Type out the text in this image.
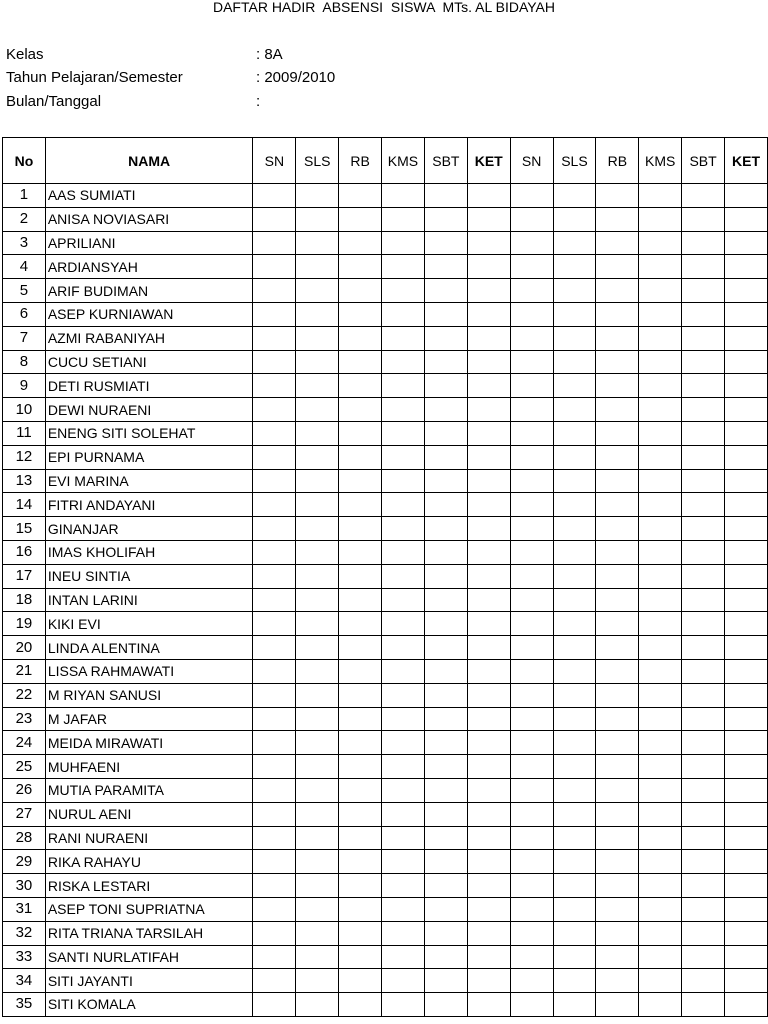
DAFTAR HADIR  ABSENSI  SISWA  MTs. AL BIDAYAH
Kelas	: 8A
Tahun Pelajaran/Semester	: 2009/2010
Bulan/Tanggal	:
No	NAMA	SN	SLS	RB	KMS	SBT	KET	SN	SLS	RB	KMS	SBT	KET
1	AAS SUMIATI												
2	ANISA NOVIASARI												
3	APRILIANI												
4	ARDIANSYAH												
5	ARIF BUDIMAN												
6	ASEP KURNIAWAN												
7	AZMI RABANIYAH												
8	CUCU SETIANI												
9	DETI RUSMIATI												
10	DEWI NURAENI												
11	ENENG SITI SOLEHAT												
12	EPI PURNAMA												
13	EVI MARINA												
14	FITRI ANDAYANI												
15	GINANJAR												
16	IMAS KHOLIFAH												
17	INEU SINTIA												
18	INTAN LARINI												
19	KIKI EVI												
20	LINDA ALENTINA												
21	LISSA RAHMAWATI												
22	M RIYAN SANUSI												
23	M JAFAR												
24	MEIDA MIRAWATI												
25	MUHFAENI												
26	MUTIA PARAMITA												
27	NURUL AENI												
28	RANI NURAENI												
29	RIKA RAHAYU												
30	RISKA LESTARI												
31	ASEP TONI SUPRIATNA												
32	RITA TRIANA TARSILAH												
33	SANTI NURLATIFAH												
34	SITI JAYANTI												
35	SITI KOMALA												
